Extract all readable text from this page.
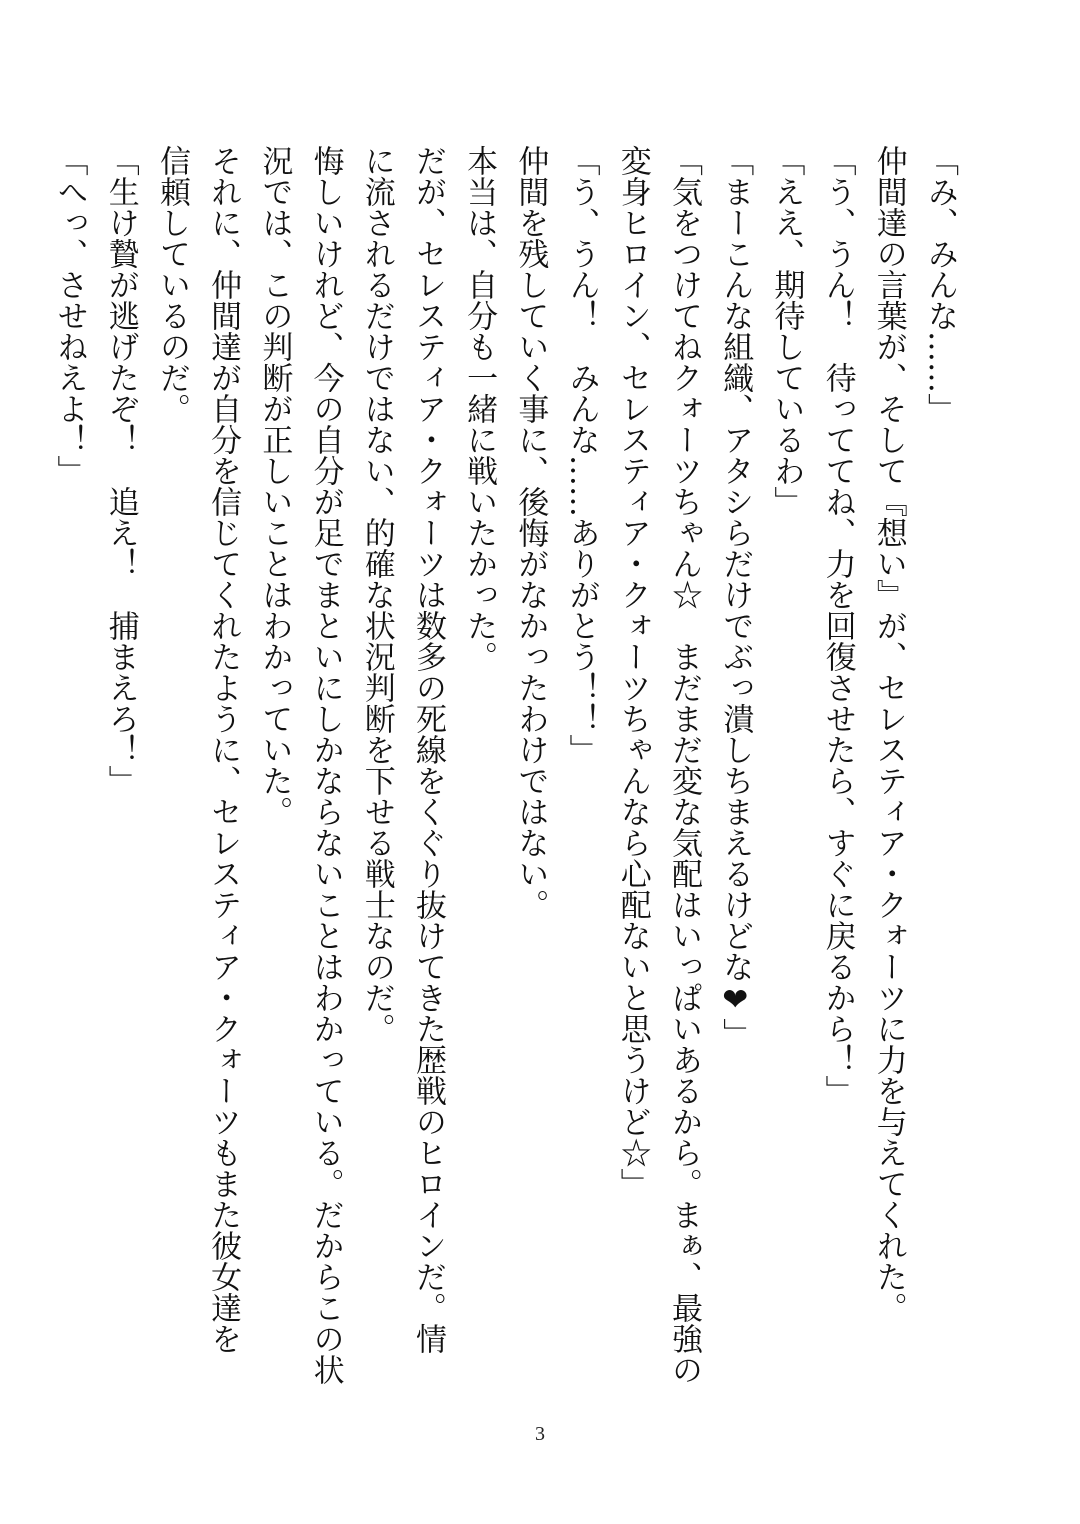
「み、みんな……」
仲間達の言葉が、そして『想い』が、セレスティア・クォーツに力を与えてくれた。
「う、うん！　待っててね、力を回復させたら、すぐに戻るから！」
「ええ、期待しているわ」
「まーこんな組織、アタシらだけでぶっ潰しちまえるけどな❤」
「気をつけてねクォーツちゃん☆　まだまだ変な気配はいっぱいあるから。まぁ、最強の
変身ヒロイン、セレスティア・クォーツちゃんなら心配ないと思うけど☆」
「う、うん！　みんな……ありがとう！！」
仲間を残していく事に、後悔がなかったわけではない。
本当は、自分も一緒に戦いたかった。
だが、セレスティア・クォーツは数多の死線をくぐり抜けてきた歴戦のヒロインだ。情
に流されるだけではない、的確な状況判断を下せる戦士なのだ。
悔しいけれど、今の自分が足でまといにしかならないことはわかっている。だからこの状
況では、この判断が正しいことはわかっていた。
それに、仲間達が自分を信じてくれたように、セレスティア・クォーツもまた彼女達を
信頼しているのだ。
「生け贄が逃げたぞ！　追え！　捕まえろ！」
「へっ、させねえよ！」
3
